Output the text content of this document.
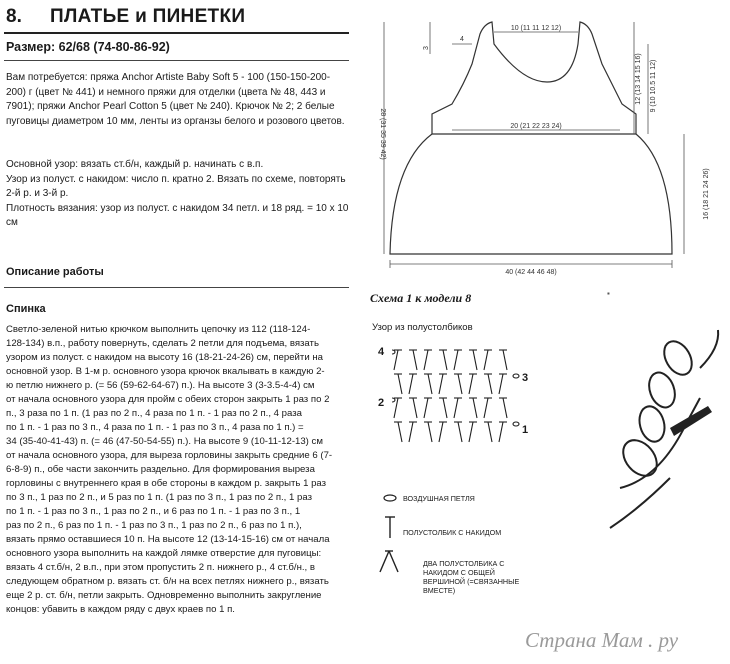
8. ПЛАТЬЕ и ПИНЕТКИ
Размер: 62/68 (74-80-86-92)

Вам потребуется: пряжа Anchor Artiste Baby Soft 5 - 100 (150-150-200-200) г (цвет № 441) и немного пряжи для отделки (цвета № 48, 443 и 7901); пряжи Anchor Pearl Cotton 5 (цвет № 240). Крючок № 2; 2 белые пуговицы диаметром 10 мм, ленты из органзы белого и розового цветов.

Основной узор: вязать ст.б/н, каждый р. начинать с в.п.

Узор из полуст. с накидом: число п. кратно 2. Вязать по схеме, повторять 2-й р. и 3-й р.

Плотность вязания: узор из полуст. с накидом 34 петл. и 18 ряд. = 10 х 10 см

Описание работы
Спинка
Светло-зеленой нитью крючком выполнить цепочку из 112 (118-124-
128-134) в.п., работу повернуть, сделать 2 петли для подъема, вязать
узором из полуст. с накидом на высоту 16 (18-21-24-26) см, перейти на
основной узор. В 1-м р. основного узора крючок вкалывать в каждую 2-
ю петлю нижнего р. (= 56 (59-62-64-67) п.). На высоте 3 (3-3.5-4-4) см
от начала основного узора для пройм с обеих сторон закрыть 1 раз по 2
п., 3 раза по 1 п. (1 раз по 2 п., 4 раза по 1 п. - 1 раз по 2 п., 4 раза
по 1 п. - 1 раз по 3 п., 4 раза по 1 п. - 1 раз по 3 п., 4 раза по 1 п.) =
34 (35-40-41-43) п. (= 46 (47-50-54-55) п.). На высоте 9 (10-11-12-13) см
от начала основного узора, для выреза горловины закрыть средние 6 (7-
6-8-9) п., обе части закончить раздельно. Для формирования выреза
горловины с внутреннего края в обе стороны в каждом р. закрыть 1 раз
по 3 п., 1 раз по 2 п., и 5 раз по 1 п. (1 раз по 3 п., 1 раз по 2 п., 1 раз
по 1 п. - 1 раз по 3 п., 1 раз по 2 п., и 6 раз по 1 п. - 1 раз по 3 п., 1
раз по 2 п., 6 раз по 1 п. - 1 раз по 3 п., 1 раз по 2 п., 6 раз по 1 п.),
вязать прямо оставшиеся 10 п. На высоте 12 (13-14-15-16) см от начала
основного узора выполнить на каждой лямке отверстие для пуговицы:
вязать 4 ст.б/н, 2 в.п., при этом пропустить 2 п. нижнего р., 4 ст.б/н., в
следующем обратном р. вязать ст. б/н на всех петлях нижнего р., вязать
еще 2 р. ст. б/н, петли закрыть. Одновременно выполнить закругление
концов: убавить в каждом ряду с двух краев по 1 п.
10 (11 11 12 12)
20 (21 22 23 24)
40 (42 44 46 48)
28 (31 35 39 42)
16 (18 21 24 26)
12 (13 14 15 16) 9 (10 10.5 11 12)
3
4
▪
Схема 1 к модели 8
Узор из полустолбиков
4
3
2
1
ВОЗДУШНАЯ ПЕТЛЯ
ПОЛУСТОЛБИК С НАКИДОМ
ДВА ПОЛУСТОЛБИКА С НАКИДОМ С ОБЩЕЙ ВЕРШИНОЙ (=СВЯЗАННЫЕ ВМЕСТЕ)
Страна Мам . ру
